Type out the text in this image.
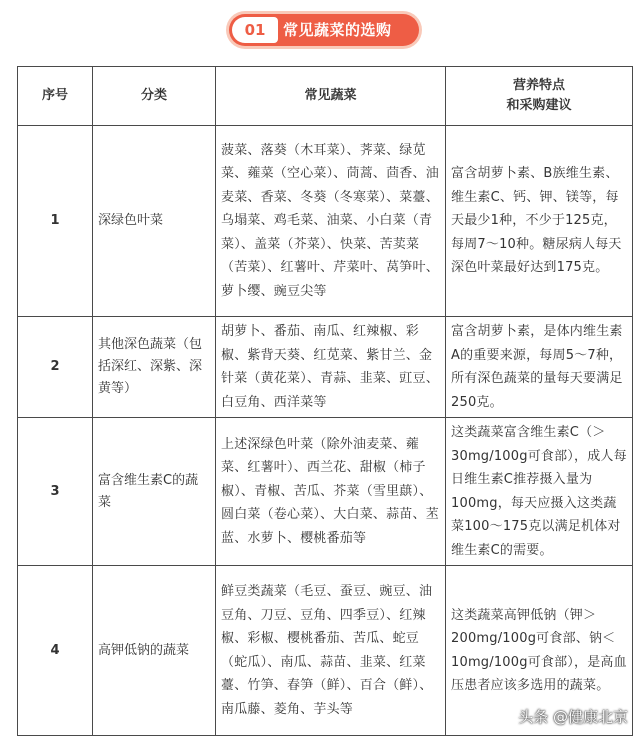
01	常见蔬菜的选购
序号	分类	常见蔬菜	营养特点
和采购建议

1	深绿色叶菜	菠菜、落葵（木耳菜）、荠菜、绿苋菜、蕹菜（空心菜）、茼蒿、茴香、油麦菜、香菜、冬葵（冬寒菜）、菜薹、乌塌菜、鸡毛菜、油菜、小白菜（青菜）、盖菜（芥菜）、快菜、苦荬菜（苦菜）、红薯叶、芹菜叶、莴笋叶、萝卜缨、豌豆尖等	富含胡萝卜素、B族维生素、维生素C、钙、钾、镁等，每天最少1种，不少于125克，每周7～10种。糖尿病人每天深色叶菜最好达到175克。
2	其他深色蔬菜（包括深红、深紫、深黄等）	胡萝卜、番茄、南瓜、红辣椒、彩椒、紫背天葵、红苋菜、紫甘兰、金针菜（黄花菜）、青蒜、韭菜、豇豆、白豆角、西洋菜等	富含胡萝卜素，是体内维生素A的重要来源，每周5～7种，所有深色蔬菜的量每天要满足250克。
3	富含维生素C的蔬菜	上述深绿色叶菜（除外油麦菜、蕹菜、红薯叶）、西兰花、甜椒（柿子椒）、青椒、苦瓜、芥菜（雪里蕻）、圆白菜（卷心菜）、大白菜、蒜苗、苤蓝、水萝卜、樱桃番茄等	这类蔬菜富含维生素C（＞30mg/100g可食部），成人每日维生素C推荐摄入量为100mg，每天应摄入这类蔬菜100～175克以满足机体对维生素C的需要。
4	高钾低钠的蔬菜	鲜豆类蔬菜（毛豆、蚕豆、豌豆、油豆角、刀豆、豆角、四季豆）、红辣椒、彩椒、樱桃番茄、苦瓜、蛇豆（蛇瓜）、南瓜、蒜苗、韭菜、红菜薹、竹笋、春笋（鲜）、百合（鲜）、南瓜藤、菱角、芋头等	这类蔬菜高钾低钠（钾＞200mg/100g可食部、钠＜10mg/100g可食部），是高血压患者应该多选用的蔬菜。
头条 @健康北京
